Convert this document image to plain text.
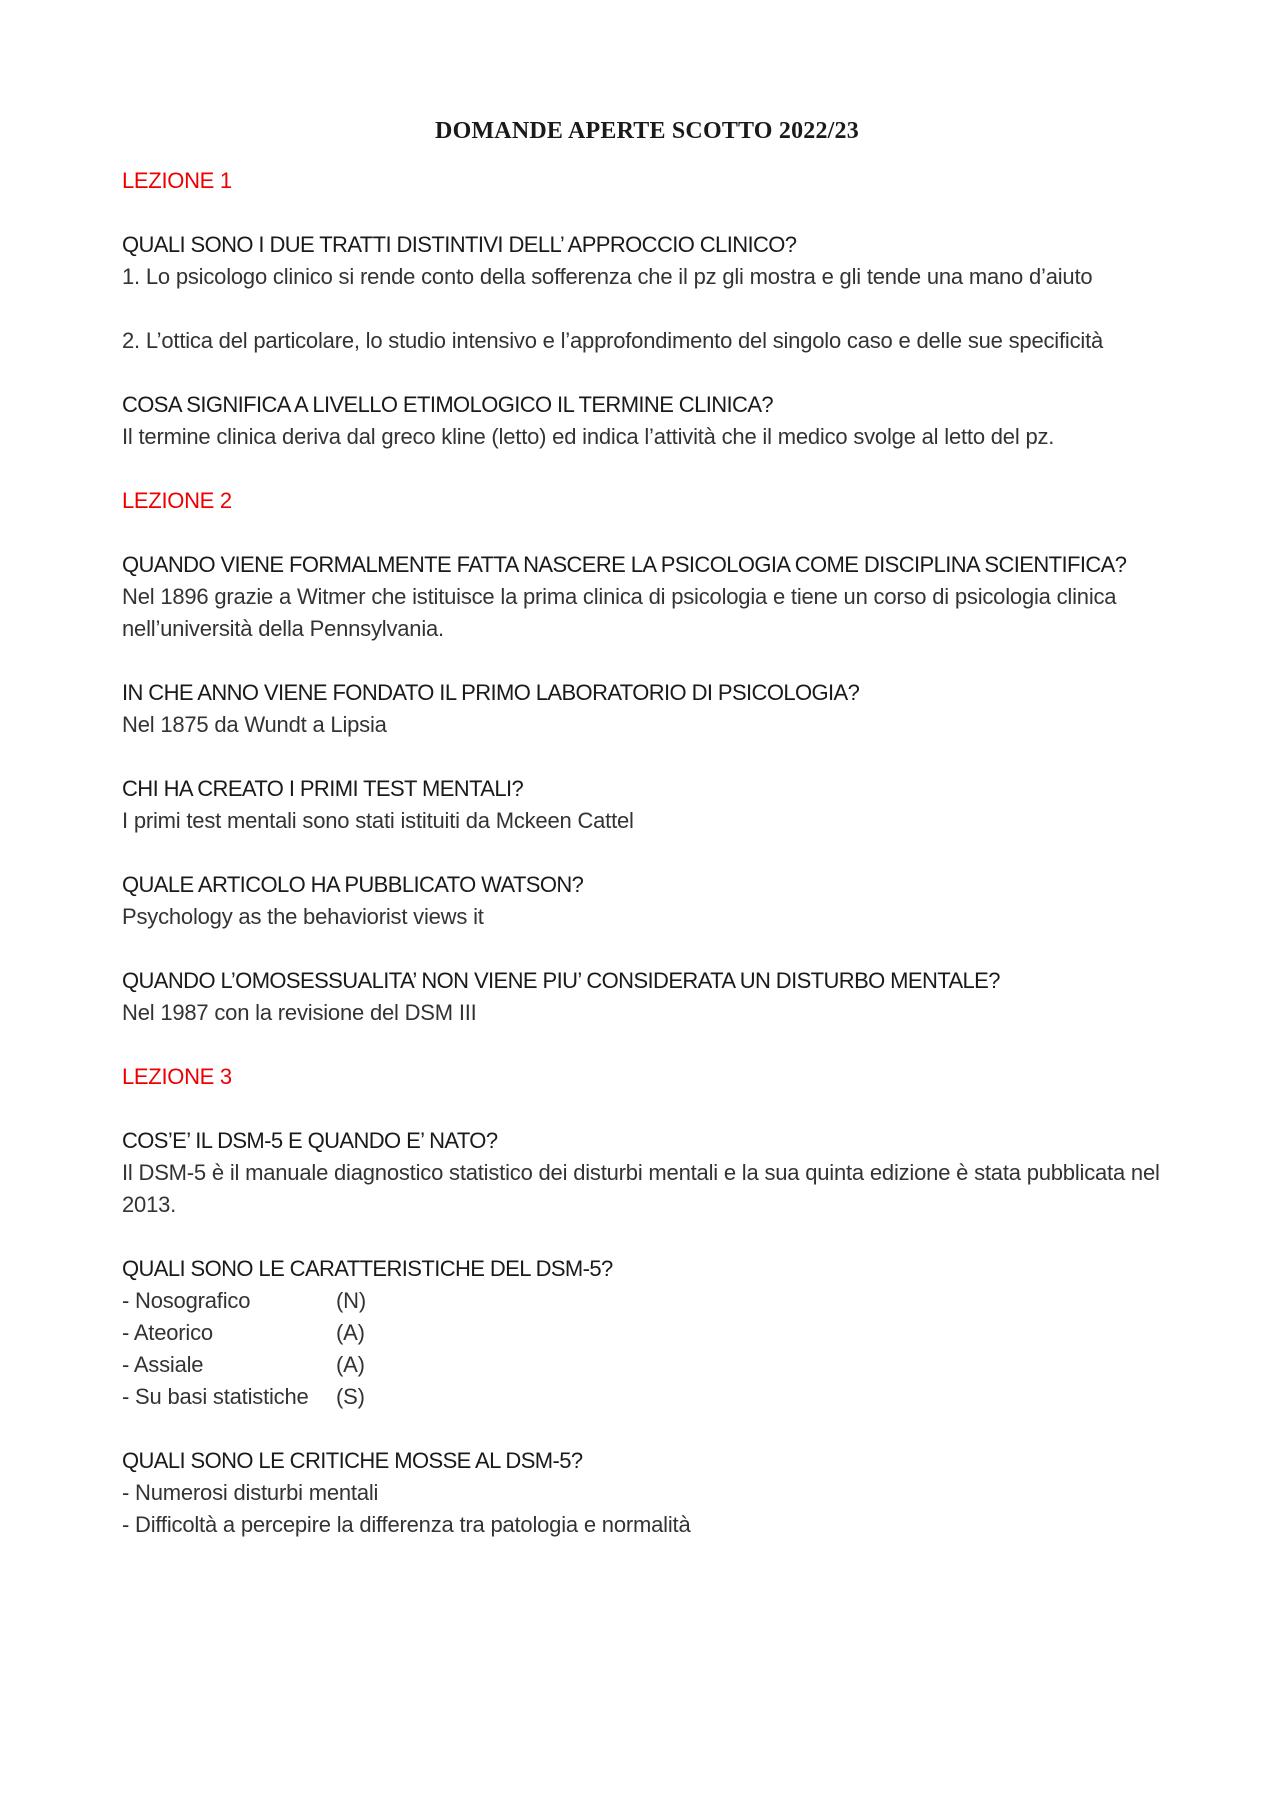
DOMANDE APERTE SCOTTO 2022/23
LEZIONE 1
QUALI SONO I DUE TRATTI DISTINTIVI DELL’ APPROCCIO CLINICO?
1. Lo psicologo clinico si rende conto della sofferenza che il pz gli mostra e gli tende una mano d’aiuto
2. L’ottica del particolare, lo studio intensivo e l’approfondimento del singolo caso e delle sue specificità
COSA SIGNIFICA A LIVELLO ETIMOLOGICO IL TERMINE CLINICA?
Il termine clinica deriva dal greco kline (letto) ed indica l’attività che il medico svolge al letto del pz.
LEZIONE 2
QUANDO VIENE FORMALMENTE FATTA NASCERE LA PSICOLOGIA COME DISCIPLINA SCIENTIFICA?
Nel 1896 grazie a Witmer che istituisce la prima clinica di psicologia e tiene un corso di psicologia clinica nell’università della Pennsylvania.
IN CHE ANNO VIENE FONDATO IL PRIMO LABORATORIO DI PSICOLOGIA?
Nel 1875 da Wundt a Lipsia
CHI HA CREATO I PRIMI TEST MENTALI?
I primi test mentali sono stati istituiti da Mckeen Cattel
QUALE ARTICOLO HA PUBBLICATO WATSON?
Psychology as the behaviorist views it
QUANDO L’OMOSESSUALITA’ NON VIENE PIU’ CONSIDERATA UN DISTURBO MENTALE?
Nel 1987 con la revisione del DSM III
LEZIONE 3
COS’E’ IL DSM-5 E QUANDO E’ NATO?
Il DSM-5 è il manuale diagnostico statistico dei disturbi mentali e la sua quinta edizione è stata pubblicata nel 2013.
QUALI SONO LE CARATTERISTICHE DEL DSM-5?
- Nosografico	(N)
- Ateorico	(A)
- Assiale	(A)
- Su basi statistiche	(S)
QUALI SONO LE CRITICHE MOSSE AL DSM-5?
- Numerosi disturbi mentali
- Difficoltà a percepire la differenza tra patologia e normalità
